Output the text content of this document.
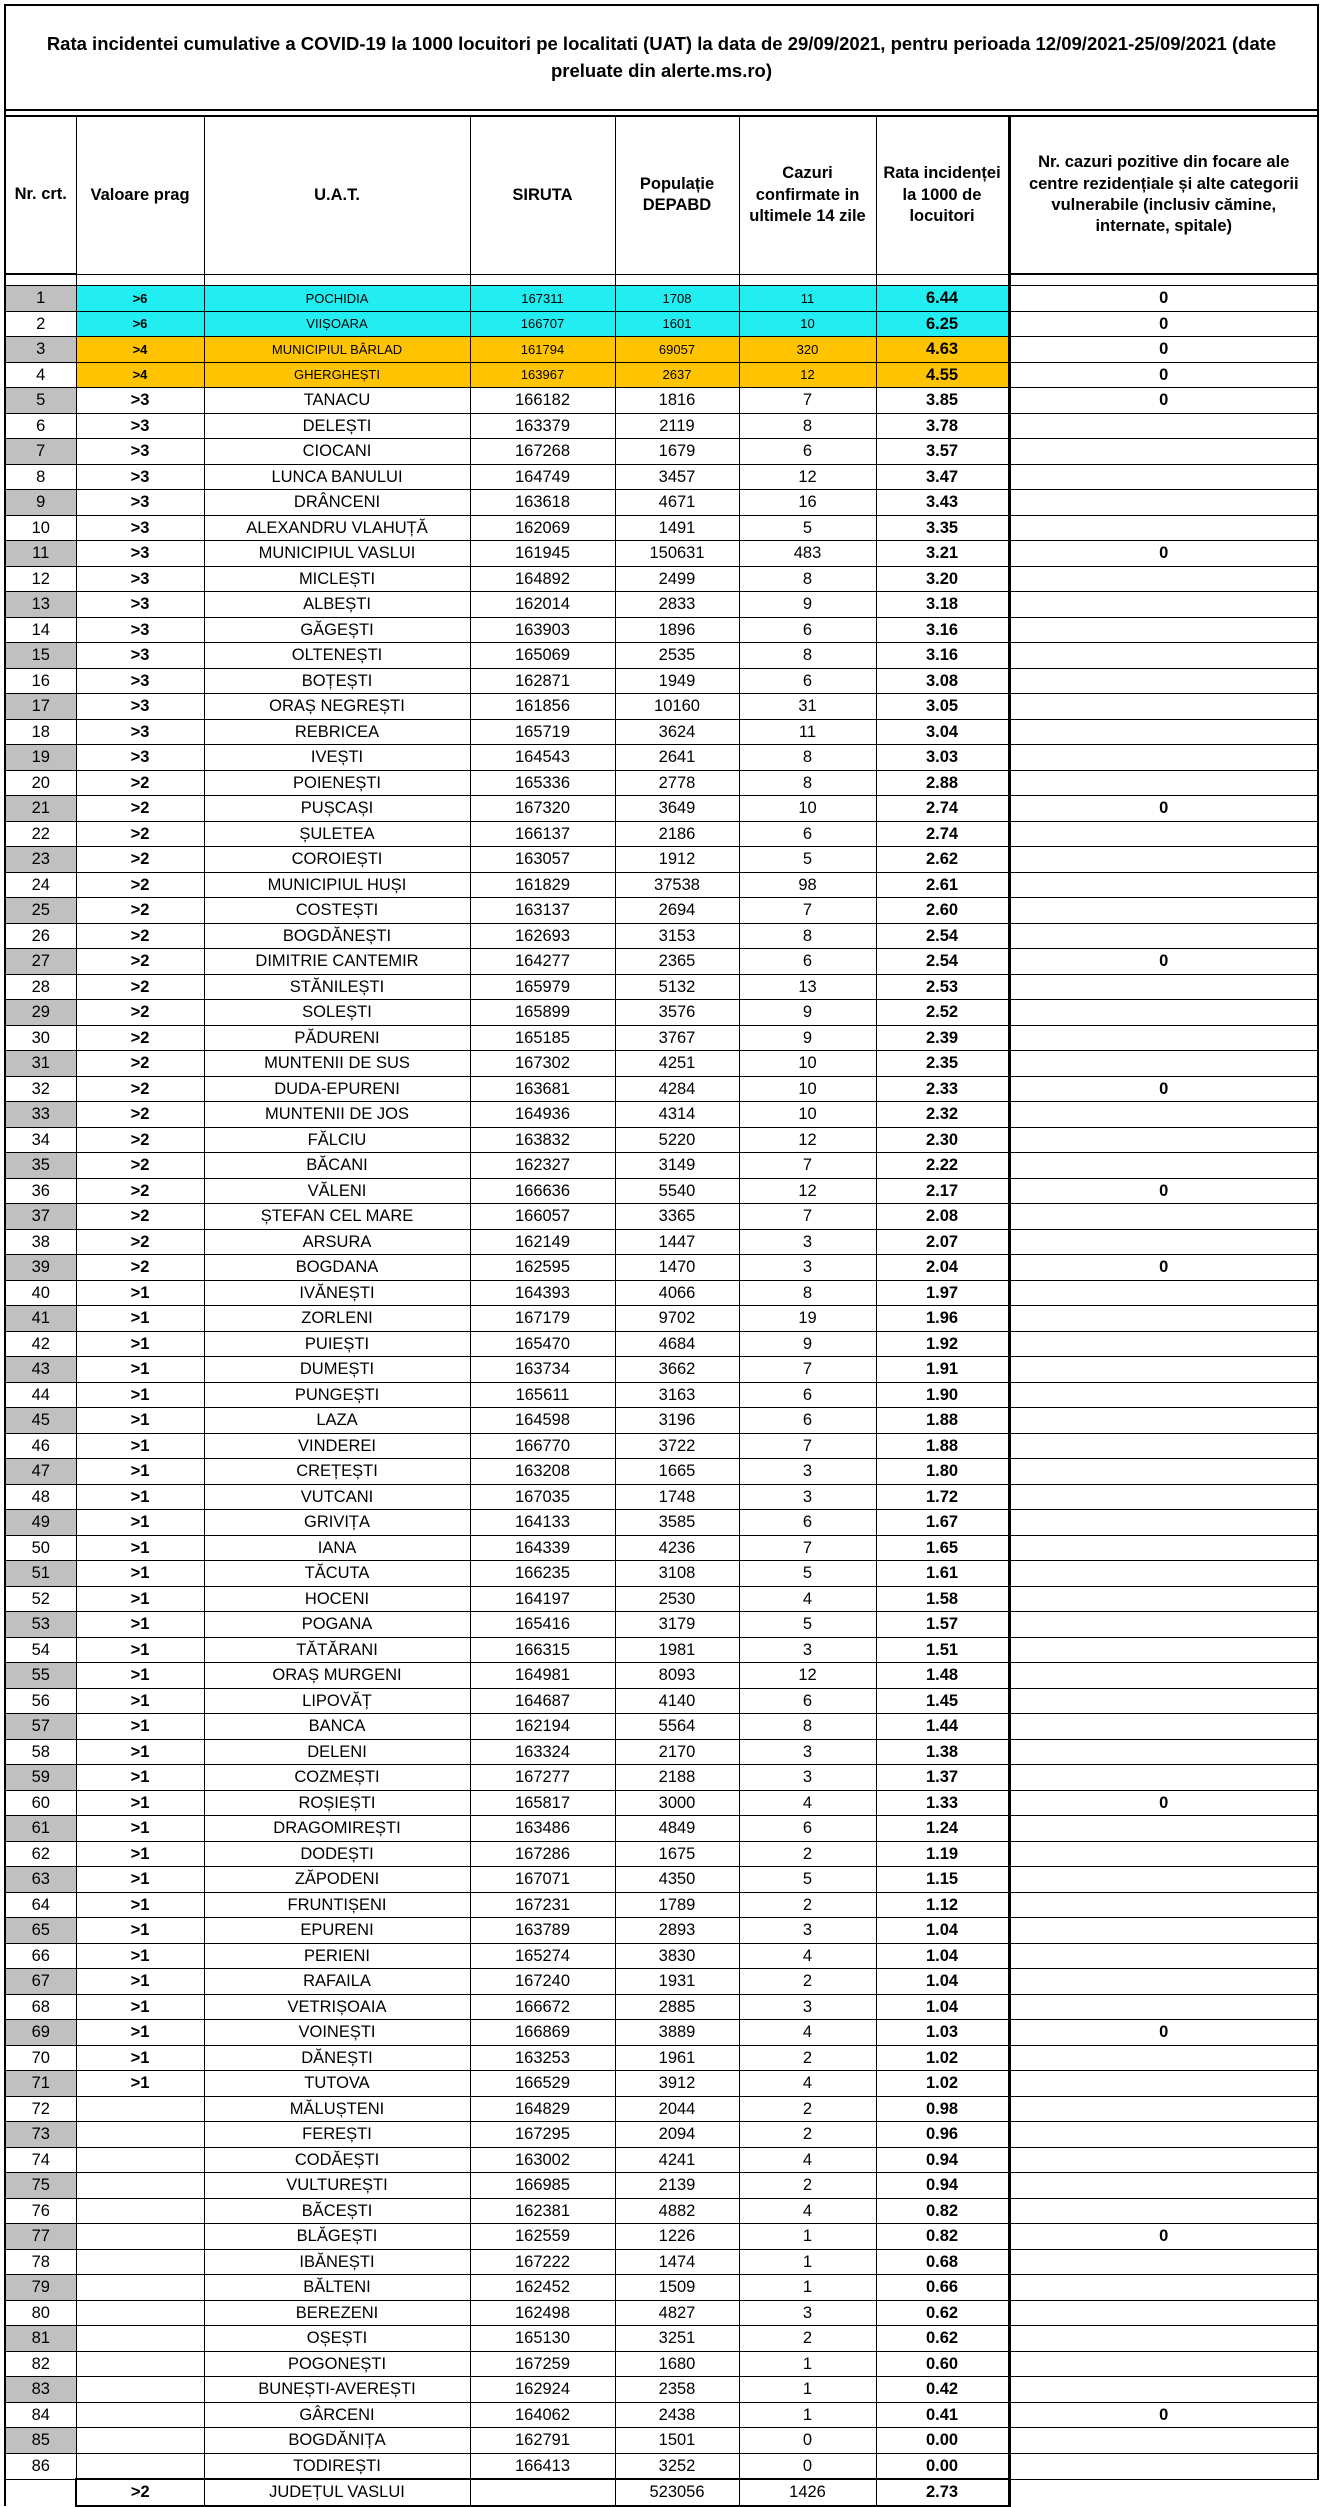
Rata incidentei cumulative a COVID-19 la 1000 locuitori pe localitati (UAT) la data de 29/09/2021, pentru perioada 12/09/2021-25/09/2021 (date preluate din alerte.ms.ro)							

Nr. crt.	Valoare prag	U.A.T.	SIRUTA	Populație DEPABD	Cazuri confirmate in ultimele 14 zile	Rata incidenței la 1000 de locuitori	Nr. cazuri pozitive din focare ale centre rezidențiale și alte categorii vulnerabile (inclusiv cămine, internate, spitale)

1	>6	POCHIDIA	167311	1708	11	6.44	0
2	>6	VIIȘOARA	166707	1601	10	6.25	0
3	>4	MUNICIPIUL BÂRLAD	161794	69057	320	4.63	0
4	>4	GHERGHEȘTI	163967	2637	12	4.55	0
5	>3	TANACU	166182	1816	7	3.85	0
6	>3	DELEȘTI	163379	2119	8	3.78	
7	>3	CIOCANI	167268	1679	6	3.57	
8	>3	LUNCA BANULUI	164749	3457	12	3.47	
9	>3	DRÂNCENI	163618	4671	16	3.43	
10	>3	ALEXANDRU VLAHUȚĂ	162069	1491	5	3.35	
11	>3	MUNICIPIUL VASLUI	161945	150631	483	3.21	0
12	>3	MICLEȘTI	164892	2499	8	3.20	
13	>3	ALBEȘTI	162014	2833	9	3.18	
14	>3	GĂGEȘTI	163903	1896	6	3.16	
15	>3	OLTENEȘTI	165069	2535	8	3.16	
16	>3	BOȚEȘTI	162871	1949	6	3.08	
17	>3	ORAȘ NEGREȘTI	161856	10160	31	3.05	
18	>3	REBRICEA	165719	3624	11	3.04	
19	>3	IVEȘTI	164543	2641	8	3.03	
20	>2	POIENEȘTI	165336	2778	8	2.88	
21	>2	PUȘCAȘI	167320	3649	10	2.74	0
22	>2	ȘULETEA	166137	2186	6	2.74	
23	>2	COROIEȘTI	163057	1912	5	2.62	
24	>2	MUNICIPIUL HUȘI	161829	37538	98	2.61	
25	>2	COSTEȘTI	163137	2694	7	2.60	
26	>2	BOGDĂNEȘTI	162693	3153	8	2.54	
27	>2	DIMITRIE CANTEMIR	164277	2365	6	2.54	0
28	>2	STĂNILEȘTI	165979	5132	13	2.53	
29	>2	SOLEȘTI	165899	3576	9	2.52	
30	>2	PĂDURENI	165185	3767	9	2.39	
31	>2	MUNTENII DE SUS	167302	4251	10	2.35	
32	>2	DUDA-EPURENI	163681	4284	10	2.33	0
33	>2	MUNTENII DE JOS	164936	4314	10	2.32	
34	>2	FĂLCIU	163832	5220	12	2.30	
35	>2	BĂCANI	162327	3149	7	2.22	
36	>2	VĂLENI	166636	5540	12	2.17	0
37	>2	ȘTEFAN CEL MARE	166057	3365	7	2.08	
38	>2	ARSURA	162149	1447	3	2.07	
39	>2	BOGDANA	162595	1470	3	2.04	0
40	>1	IVĂNEȘTI	164393	4066	8	1.97	
41	>1	ZORLENI	167179	9702	19	1.96	
42	>1	PUIEȘTI	165470	4684	9	1.92	
43	>1	DUMEȘTI	163734	3662	7	1.91	
44	>1	PUNGEȘTI	165611	3163	6	1.90	
45	>1	LAZA	164598	3196	6	1.88	
46	>1	VINDEREI	166770	3722	7	1.88	
47	>1	CREȚEȘTI	163208	1665	3	1.80	
48	>1	VUTCANI	167035	1748	3	1.72	
49	>1	GRIVIȚA	164133	3585	6	1.67	
50	>1	IANA	164339	4236	7	1.65	
51	>1	TĂCUTA	166235	3108	5	1.61	
52	>1	HOCENI	164197	2530	4	1.58	
53	>1	POGANA	165416	3179	5	1.57	
54	>1	TĂTĂRANI	166315	1981	3	1.51	
55	>1	ORAȘ MURGENI	164981	8093	12	1.48	
56	>1	LIPOVĂȚ	164687	4140	6	1.45	
57	>1	BANCA	162194	5564	8	1.44	
58	>1	DELENI	163324	2170	3	1.38	
59	>1	COZMEȘTI	167277	2188	3	1.37	
60	>1	ROȘIEȘTI	165817	3000	4	1.33	0
61	>1	DRAGOMIREȘTI	163486	4849	6	1.24	
62	>1	DODEȘTI	167286	1675	2	1.19	
63	>1	ZĂPODENI	167071	4350	5	1.15	
64	>1	FRUNTIȘENI	167231	1789	2	1.12	
65	>1	EPURENI	163789	2893	3	1.04	
66	>1	PERIENI	165274	3830	4	1.04	
67	>1	RAFAILA	167240	1931	2	1.04	
68	>1	VETRIȘOAIA	166672	2885	3	1.04	
69	>1	VOINEȘTI	166869	3889	4	1.03	0
70	>1	DĂNEȘTI	163253	1961	2	1.02	
71	>1	TUTOVA	166529	3912	4	1.02	
72		MĂLUȘTENI	164829	2044	2	0.98	
73		FEREȘTI	167295	2094	2	0.96	
74		CODĂEȘTI	163002	4241	4	0.94	
75		VULTUREȘTI	166985	2139	2	0.94	
76		BĂCEȘTI	162381	4882	4	0.82	
77		BLĂGEȘTI	162559	1226	1	0.82	0
78		IBĂNEȘTI	167222	1474	1	0.68	
79		BĂLTENI	162452	1509	1	0.66	
80		BEREZENI	162498	4827	3	0.62	
81		OȘEȘTI	165130	3251	2	0.62	
82		POGONEȘTI	167259	1680	1	0.60	
83		BUNEȘTI-AVEREȘTI	162924	2358	1	0.42	
84		GÂRCENI	164062	2438	1	0.41	0
85		BOGDĂNIȚA	162791	1501	0	0.00	
86		TODIREȘTI	166413	3252	0	0.00	
	>2	JUDEȚUL VASLUI		523056	1426	2.73	
